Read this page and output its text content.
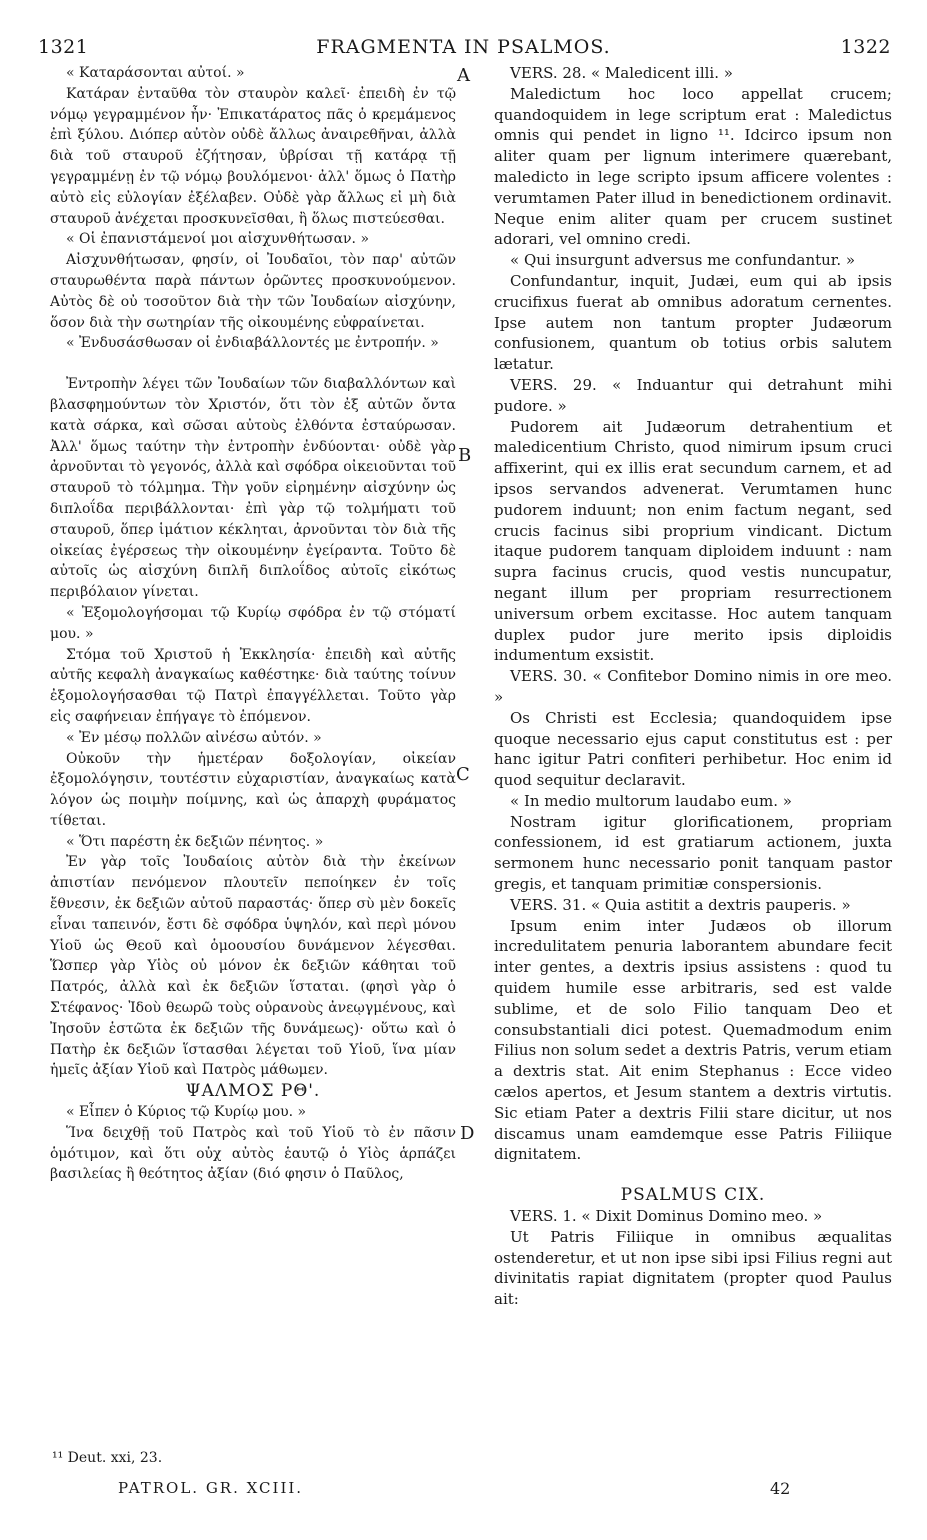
1321	FRAGMENTA IN PSALMOS.	1322
A
B
C
D

« Καταράσονται αὐτοί. »

Κατάραν ἐνταῦθα τὸν σταυρὸν καλεῖ· ἐπειδὴ ἐν τῷ νόμῳ γεγραμμένον ἦν· Ἐπικατάρατος πᾶς ὁ κρεμάμενος ἐπὶ ξύλου. Διόπερ αὐτὸν οὐδὲ ἄλλως ἀναιρεθῆναι, ἀλλὰ διὰ τοῦ σταυροῦ ἐζήτησαν, ὑβρίσαι τῇ κατάρᾳ τῇ γεγραμμένῃ ἐν τῷ νόμῳ βουλόμενοι· ἀλλ' ὅμως ὁ Πατὴρ αὐτὸ εἰς εὐλογίαν ἐξέλαβεν. Οὐδὲ γὰρ ἄλλως εἰ μὴ διὰ σταυροῦ ἀνέχεται προσκυνεῖσθαι, ἢ ὅλως πιστεύεσθαι.

« Οἱ ἐπανιστάμενοί μοι αἰσχυνθήτωσαν. »

Αἰσχυνθήτωσαν, φησίν, οἱ Ἰουδαῖοι, τὸν παρ' αὐτῶν σταυρωθέντα παρὰ πάντων ὁρῶντες προσκυνούμενον. Αὐτὸς δὲ οὐ τοσοῦτον διὰ τὴν τῶν Ἰουδαίων αἰσχύνην, ὅσον διὰ τὴν σωτηρίαν τῆς οἰκουμένης εὐφραίνεται.

« Ἐνδυσάσθωσαν οἱ ἐνδιαβάλλοντές με ἐντροπήν. »

Ἐντροπὴν λέγει τῶν Ἰουδαίων τῶν διαβαλλόντων καὶ βλασφημούντων τὸν Χριστόν, ὅτι τὸν ἐξ αὐτῶν ὄντα κατὰ σάρκα, καὶ σῶσαι αὐτοὺς ἐλθόντα ἐσταύρωσαν. Ἀλλ' ὅμως ταύτην τὴν ἐντροπὴν ἐνδύονται· οὐδὲ γὰρ ἀρνοῦνται τὸ γεγονός, ἀλλὰ καὶ σφόδρα οἰκειοῦνται τοῦ σταυροῦ τὸ τόλμημα. Τὴν γοῦν εἰρημένην αἰσχύνην ὡς διπλοΐδα περιβάλλονται· ἐπὶ γὰρ τῷ τολμήματι τοῦ σταυροῦ, ὅπερ ἱμάτιον κέκληται, ἀρνοῦνται τὸν διὰ τῆς οἰκείας ἐγέρσεως τὴν οἰκουμένην ἐγείραντα. Τοῦτο δὲ αὐτοῖς ὡς αἰσχύνη διπλῆ διπλοΐδος αὐτοῖς εἰκότως περιβόλαιον γίνεται.

« Ἐξομολογήσομαι τῷ Κυρίῳ σφόδρα ἐν τῷ στόματί μου. »

Στόμα τοῦ Χριστοῦ ἡ Ἐκκλησία· ἐπειδὴ καὶ αὐτῆς αὐτῆς κεφαλὴ ἀναγκαίως καθέστηκε· διὰ ταύτης τοίνυν ἐξομολογήσασθαι τῷ Πατρὶ ἐπαγγέλλεται. Τοῦτο γὰρ εἰς σαφήνειαν ἐπήγαγε τὸ ἑπόμενον.

« Ἐν μέσῳ πολλῶν αἰνέσω αὐτόν. »

Οὐκοῦν τὴν ἡμετέραν δοξολογίαν, οἰκείαν ἐξομολόγησιν, τουτέστιν εὐχαριστίαν, ἀναγκαίως κατὰ λόγον ὡς ποιμὴν ποίμνης, καὶ ὡς ἀπαρχὴ φυράματος τίθεται.

« Ὅτι παρέστη ἐκ δεξιῶν πένητος. »

Ἐν γὰρ τοῖς Ἰουδαίοις αὐτὸν διὰ τὴν ἐκείνων ἀπιστίαν πενόμενον πλουτεῖν πεποίηκεν ἐν τοῖς ἔθνεσιν, ἐκ δεξιῶν αὐτοῦ παραστάς· ὅπερ σὺ μὲν δοκεῖς εἶναι ταπεινόν, ἔστι δὲ σφόδρα ὑψηλόν, καὶ περὶ μόνου Υἱοῦ ὡς Θεοῦ καὶ ὁμοουσίου δυνάμενον λέγεσθαι. Ὥσπερ γὰρ Υἱὸς οὐ μόνον ἐκ δεξιῶν κάθηται τοῦ Πατρός, ἀλλὰ καὶ ἐκ δεξιῶν ἵσταται. (φησὶ γὰρ ὁ Στέφανος· Ἰδοὺ θεωρῶ τοὺς οὐρανοὺς ἀνεῳγμένους, καὶ Ἰησοῦν ἑστῶτα ἐκ δεξιῶν τῆς δυνάμεως)· οὕτω καὶ ὁ Πατὴρ ἐκ δεξιῶν ἵστασθαι λέγεται τοῦ Υἱοῦ, ἵνα μίαν ἡμεῖς ἀξίαν Υἱοῦ καὶ Πατρὸς μάθωμεν.

ΨΑΛΜΟΣ ΡΘ'.

« Εἶπεν ὁ Κύριος τῷ Κυρίῳ μου. »

Ἵνα δειχθῇ τοῦ Πατρὸς καὶ τοῦ Υἱοῦ τὸ ἐν πᾶσιν ὁμότιμον, καὶ ὅτι οὐχ αὐτὸς ἑαυτῷ ὁ Υἱὸς ἁρπάζει βασιλείας ἢ θεότητος ἀξίαν (διό φησιν ὁ Παῦλος,

VERS. 28. « Maledicent illi. »

Maledictum hoc loco appellat crucem; quandoquidem in lege scriptum erat : Maledictus omnis qui pendet in ligno ¹¹. Idcirco ipsum non aliter quam per lignum interimere quærebant, maledicto in lege scripto ipsum afficere volentes : verumtamen Pater illud in benedictionem ordinavit. Neque enim aliter quam per crucem sustinet adorari, vel omnino credi.

« Qui insurgunt adversus me confundantur. »

Confundantur, inquit, Judæi, eum qui ab ipsis crucifixus fuerat ab omnibus adoratum cernentes. Ipse autem non tantum propter Judæorum confusionem, quantum ob totius orbis salutem lætatur.

VERS. 29. « Induantur qui detrahunt mihi pudore. »

Pudorem ait Judæorum detrahentium et maledicentium Christo, quod nimirum ipsum cruci affixerint, qui ex illis erat secundum carnem, et ad ipsos servandos advenerat. Verumtamen hunc pudorem induunt; non enim factum negant, sed crucis facinus sibi proprium vindicant. Dictum itaque pudorem tanquam diploidem induunt : nam supra facinus crucis, quod vestis nuncupatur, negant illum per propriam resurrectionem universum orbem excitasse. Hoc autem tanquam duplex pudor jure merito ipsis diploidis indumentum exsistit.

VERS. 30. « Confitebor Domino nimis in ore meo. »

Os Christi est Ecclesia; quandoquidem ipse quoque necessario ejus caput constitutus est : per hanc igitur Patri confiteri perhibetur. Hoc enim id quod sequitur declaravit.

« In medio multorum laudabo eum. »

Nostram igitur glorificationem, propriam confessionem, id est gratiarum actionem, juxta sermonem hunc necessario ponit tanquam pastor gregis, et tanquam primitiæ conspersionis.

VERS. 31. « Quia astitit a dextris pauperis. »

Ipsum enim inter Judæos ob illorum incredulitatem penuria laborantem abundare fecit inter gentes, a dextris ipsius assistens : quod tu quidem humile esse arbitraris, sed est valde sublime, et de solo Filio tanquam Deo et consubstantiali dici potest. Quemadmodum enim Filius non solum sedet a dextris Patris, verum etiam a dextris stat. Ait enim Stephanus : Ecce video cælos apertos, et Jesum stantem a dextris virtutis. Sic etiam Pater a dextris Filii stare dicitur, ut nos discamus unam eamdemque esse Patris Filiique dignitatem.

PSALMUS CIX.

VERS. 1. « Dixit Dominus Domino meo. »

Ut Patris Filiique in omnibus æqualitas ostenderetur, et ut non ipse sibi ipsi Filius regni aut divinitatis rapiat dignitatem (propter quod Paulus ait:

¹¹ Deut. xxi, 23.
PATROL. GR. XCIII.	42
